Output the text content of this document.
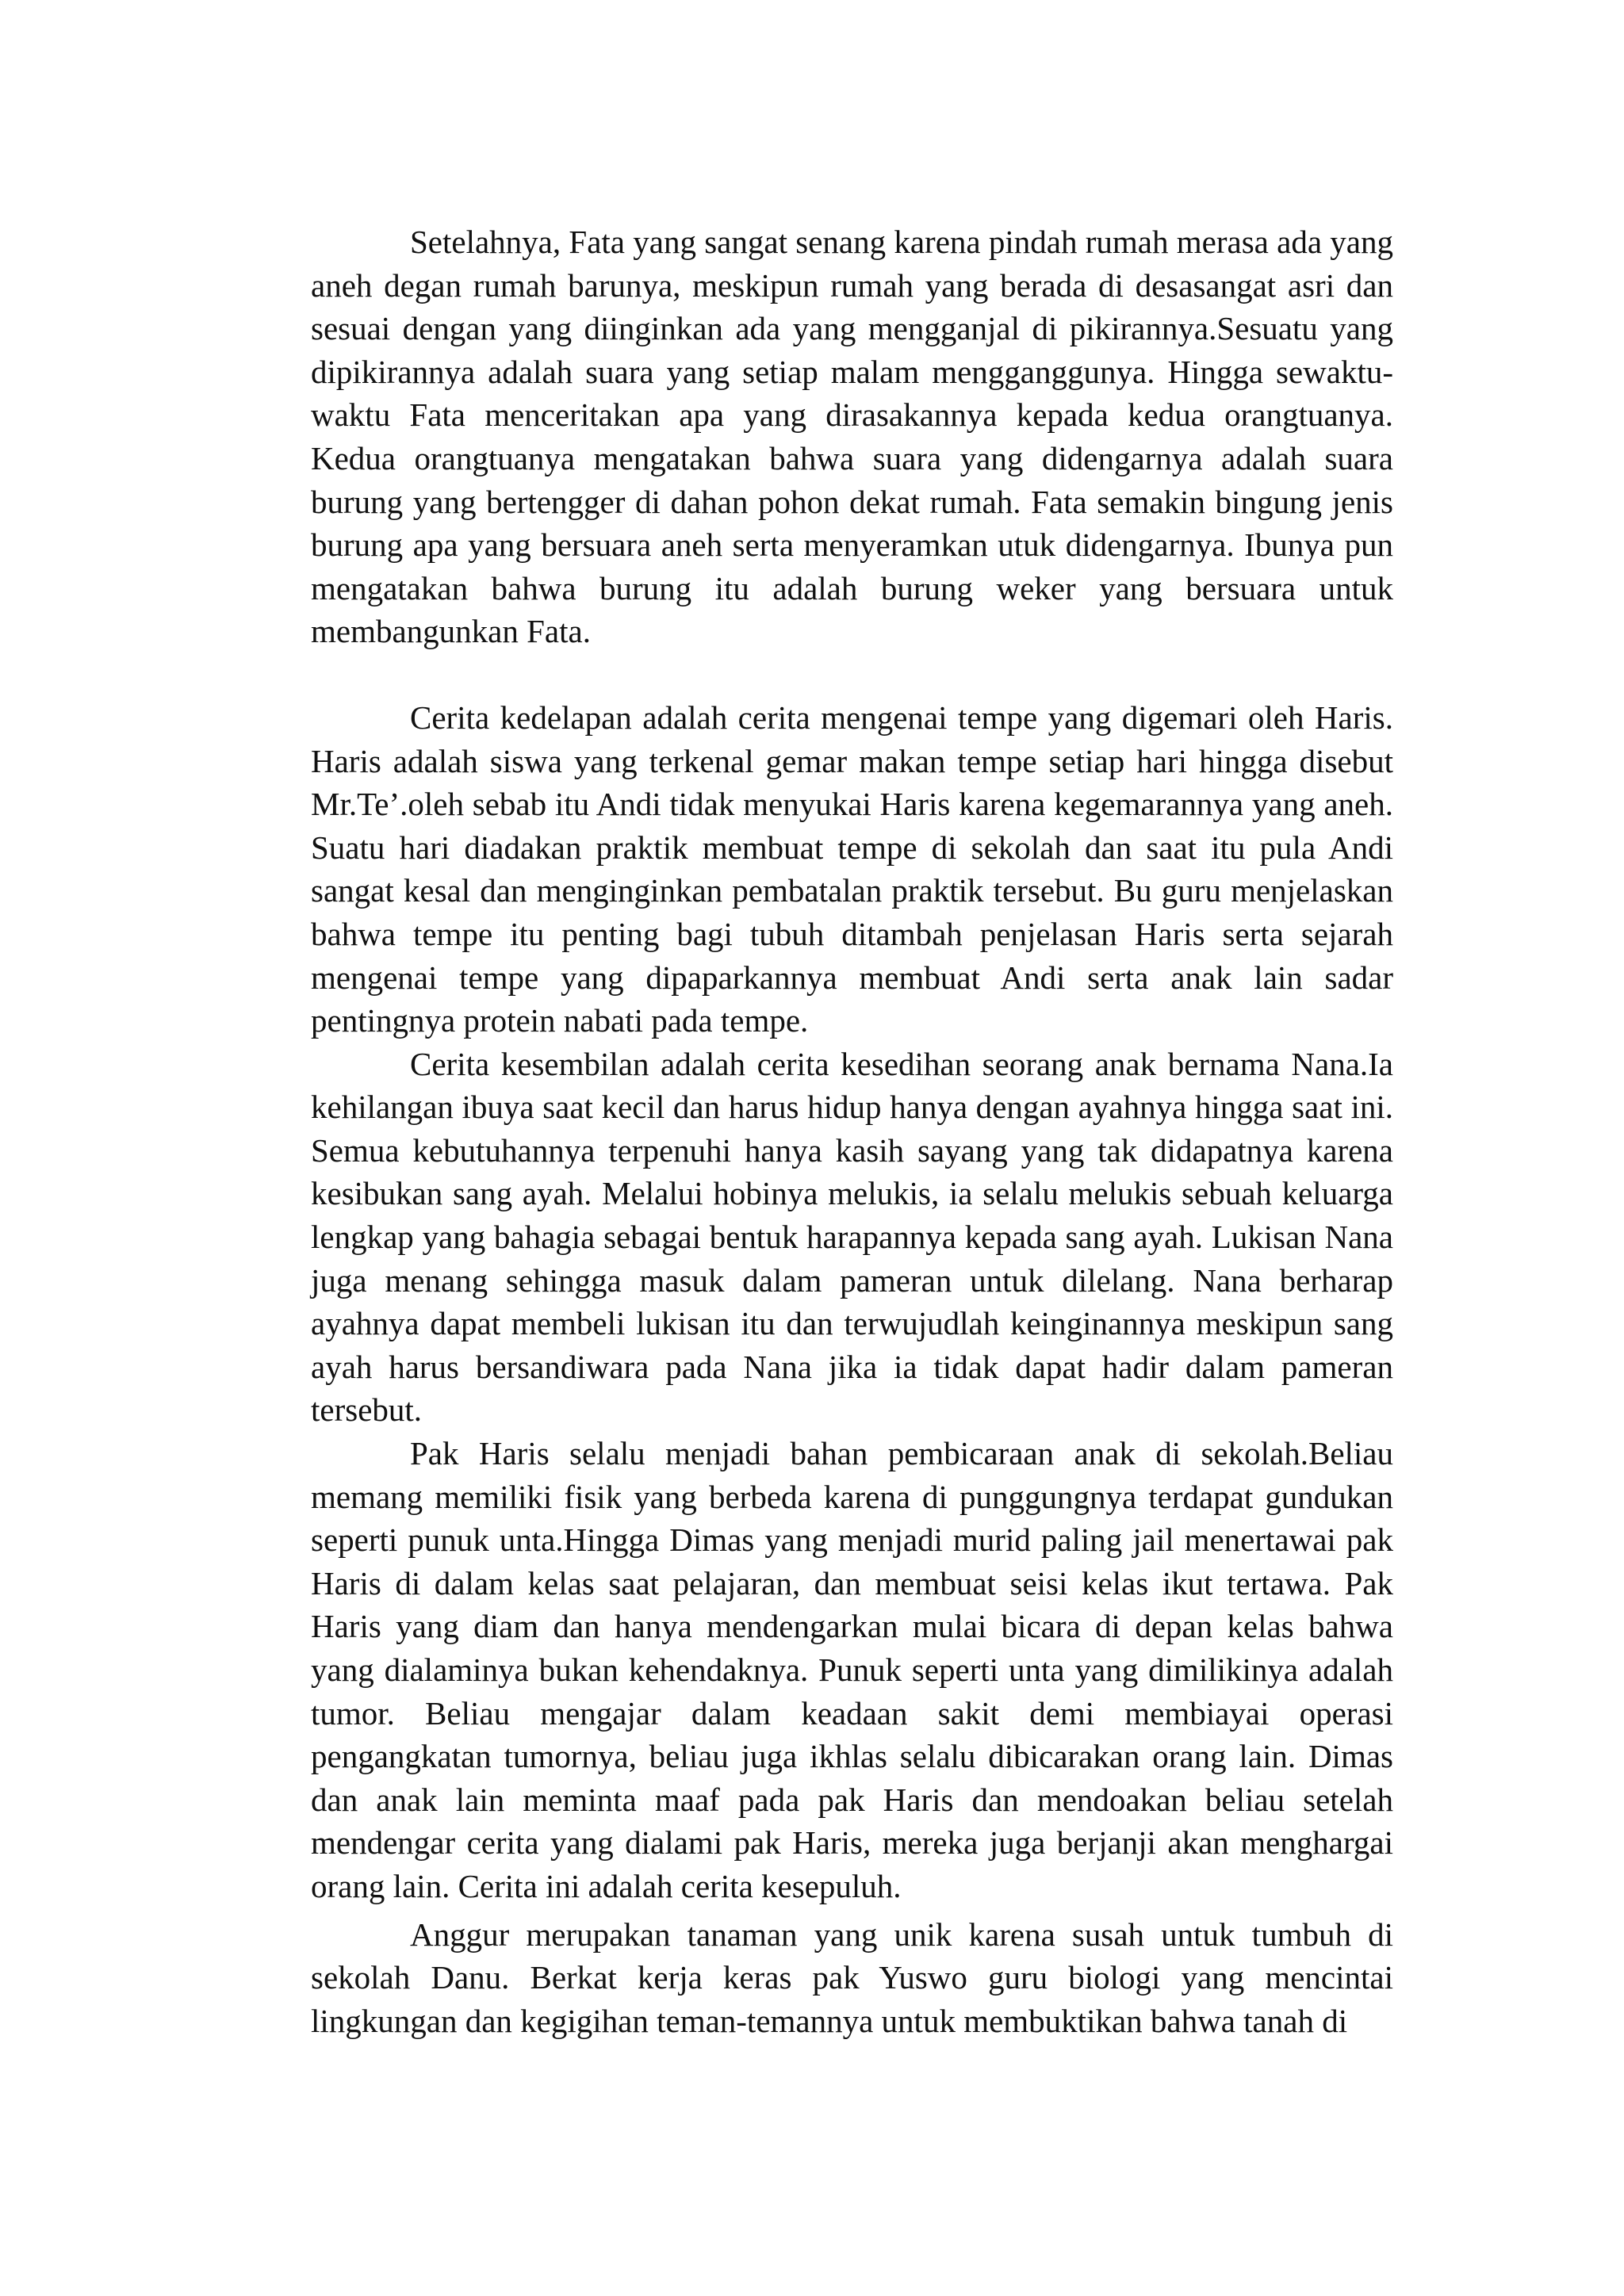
Setelahnya, Fata yang sangat senang karena pindah rumah merasa ada yang aneh degan rumah barunya, meskipun rumah yang berada di desasangat asri dan sesuai dengan yang diinginkan ada yang mengganjal di pikirannya.Sesuatu yang dipikirannya adalah suara yang setiap malam mengganggunya. Hingga sewaktu-waktu Fata menceritakan apa yang dirasakannya kepada kedua orangtuanya. Kedua orangtuanya mengatakan bahwa suara yang didengarnya adalah suara burung yang bertengger di dahan pohon dekat rumah. Fata semakin bingung jenis burung apa yang bersuara aneh serta menyeramkan utuk didengarnya. Ibunya pun mengatakan bahwa burung itu adalah burung weker yang bersuara untuk membangunkan Fata.

Cerita kedelapan adalah cerita mengenai tempe yang digemari oleh Haris. Haris adalah siswa yang terkenal gemar makan tempe setiap hari hingga disebut Mr.Te’.oleh sebab itu Andi tidak menyukai Haris karena kegemarannya yang aneh. Suatu hari diadakan praktik membuat tempe di sekolah dan saat itu pula Andi sangat kesal dan menginginkan pembatalan praktik tersebut. Bu guru menjelaskan bahwa tempe itu penting bagi tubuh ditambah penjelasan Haris serta sejarah mengenai tempe yang dipaparkannya membuat Andi serta anak lain sadar pentingnya protein nabati pada tempe.

Cerita kesembilan adalah cerita kesedihan seorang anak bernama Nana.Ia kehilangan ibuya saat kecil dan harus hidup hanya dengan ayahnya hingga saat ini. Semua kebutuhannya terpenuhi hanya kasih sayang yang tak didapatnya karena kesibukan sang ayah. Melalui hobinya melukis, ia selalu melukis sebuah keluarga lengkap yang bahagia sebagai bentuk harapannya kepada sang ayah. Lukisan Nana juga menang sehingga masuk dalam pameran untuk dilelang. Nana berharap ayahnya dapat membeli lukisan itu dan terwujudlah keinginannya meskipun sang ayah harus bersandiwara pada Nana jika ia tidak dapat hadir dalam pameran tersebut.

Pak Haris selalu menjadi bahan pembicaraan anak di sekolah.Beliau memang memiliki fisik yang berbeda karena di punggungnya terdapat gundukan seperti punuk unta.Hingga Dimas yang menjadi murid paling jail menertawai pak Haris di dalam kelas saat pelajaran, dan membuat seisi kelas ikut tertawa. Pak Haris yang diam dan hanya mendengarkan mulai bicara di depan kelas bahwa yang dialaminya bukan kehendaknya. Punuk seperti unta yang dimilikinya adalah tumor. Beliau mengajar dalam keadaan sakit demi membiayai operasi pengangkatan tumornya, beliau juga ikhlas selalu dibicarakan orang lain. Dimas dan anak lain meminta maaf pada pak Haris dan mendoakan beliau setelah mendengar cerita yang dialami pak Haris, mereka juga berjanji akan menghargai orang lain. Cerita ini adalah cerita kesepuluh.

Anggur merupakan tanaman yang unik karena susah untuk tumbuh di sekolah Danu. Berkat kerja keras pak Yuswo guru biologi yang mencintai lingkungan dan kegigihan teman-temannya untuk membuktikan bahwa tanah di
